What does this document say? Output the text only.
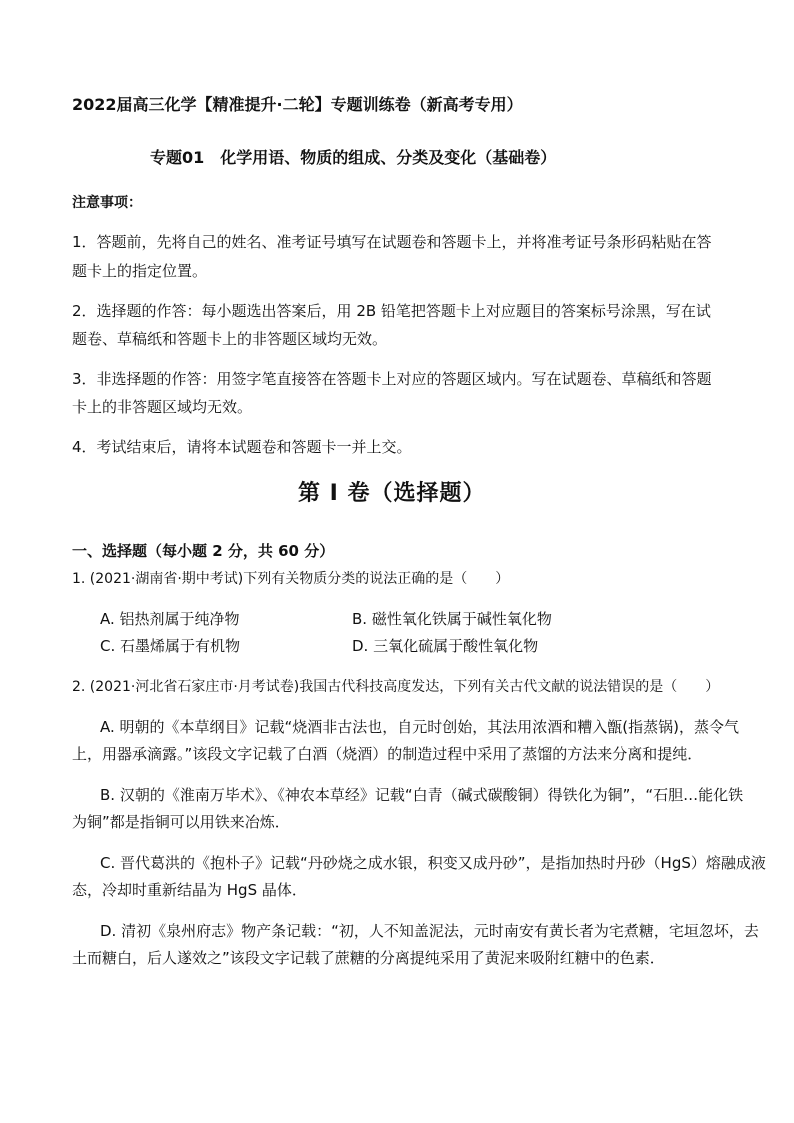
2022届高三化学【精准提升·二轮】专题训练卷（新高考专用）
专题01　化学用语、物质的组成、分类及变化（基础卷）
注意事项：
1．答题前，先将自己的姓名、准考证号填写在试题卷和答题卡上，并将准考证号条形码粘贴在答
题卡上的指定位置。
2．选择题的作答：每小题选出答案后，用 2B 铅笔把答题卡上对应题目的答案标号涂黑，写在试
题卷、草稿纸和答题卡上的非答题区域均无效。
3．非选择题的作答：用签字笔直接答在答题卡上对应的答题区域内。写在试题卷、草稿纸和答题
卡上的非答题区域均无效。
4．考试结束后，请将本试题卷和答题卡一并上交。
第 I 卷（选择题）
一、选择题（每小题 2 分，共 60 分）
1. (2021·湖南省·期中考试)下列有关物质分类的说法正确的是（　　）
A. 铝热剂属于纯净物	B. 磁性氧化铁属于碱性氧化物
C. 石墨烯属于有机物	D. 三氧化硫属于酸性氧化物
2. (2021·河北省石家庄市·月考试卷)我国古代科技高度发达，下列有关古代文献的说法错误的是（　　）
A. 明朝的《本草纲目》记载“烧酒非古法也，自元时创始，其法用浓酒和糟入甑(指蒸锅)，蒸令气
上，用器承滴露。”该段文字记载了白酒（烧酒）的制造过程中采用了蒸馏的方法来分离和提纯．
B. 汉朝的《淮南万毕术》、《神农本草经》记载“白青（碱式碳酸铜）得铁化为铜”，“石胆…能化铁
为铜”都是指铜可以用铁来冶炼．
C. 晋代葛洪的《抱朴子》记载“丹砂烧之成水银，积变又成丹砂”，是指加热时丹砂（HgS）熔融成液
态，冷却时重新结晶为 HgS 晶体．
D. 清初《泉州府志》物产条记载：“初，人不知盖泥法，元时南安有黄长者为宅煮糖，宅垣忽坏，去
土而糖白，后人遂效之”该段文字记载了蔗糖的分离提纯采用了黄泥来吸附红糖中的色素．
